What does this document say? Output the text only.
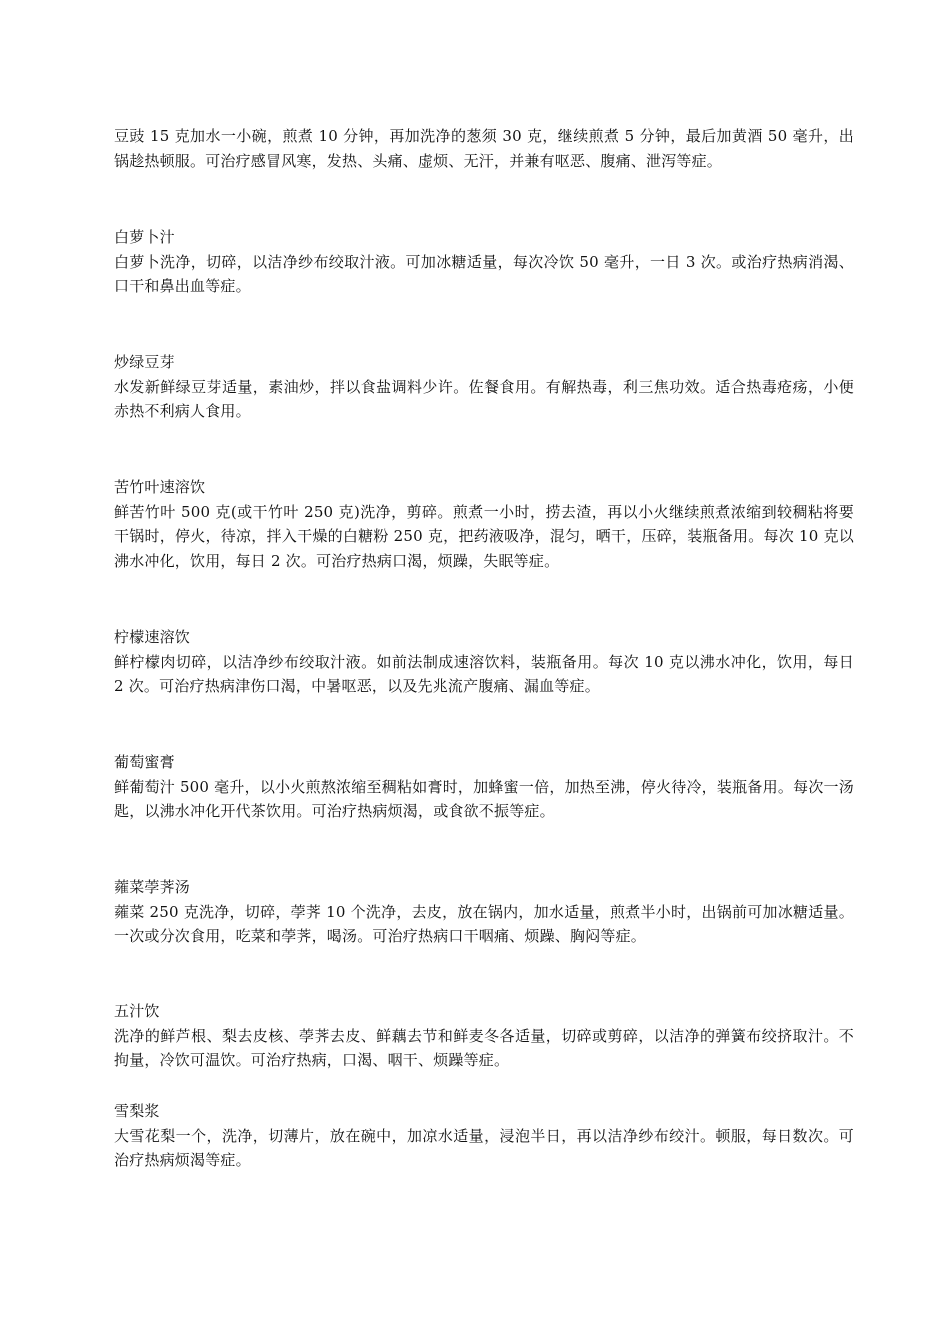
豆豉 15 克加水一小碗，煎煮 10 分钟，再加洗净的葱须 30 克，继续煎煮 5 分钟，最后加黄酒 50 毫升，出锅趁热顿服。可治疗感冒风寒，发热、头痛、虚烦、无汗，并兼有呕恶、腹痛、泄泻等症。

白萝卜汁

白萝卜洗净，切碎，以洁净纱布绞取汁液。可加冰糖适量，每次冷饮 50 毫升，一日 3 次。或治疗热病消渴、口干和鼻出血等症。

炒绿豆芽

水发新鲜绿豆芽适量，素油炒，拌以食盐调料少许。佐餐食用。有解热毒，利三焦功效。适合热毒疮疡，小便赤热不利病人食用。

苦竹叶速溶饮

鲜苦竹叶 500 克(或干竹叶 250 克)洗净，剪碎。煎煮一小时，捞去渣，再以小火继续煎煮浓缩到较稠粘将要干锅时，停火，待凉，拌入干燥的白糖粉 250 克，把药液吸净，混匀，晒干，压碎，装瓶备用。每次 10 克以沸水冲化，饮用，每日 2 次。可治疗热病口渴，烦躁，失眠等症。

柠檬速溶饮

鲜柠檬肉切碎，以洁净纱布绞取汁液。如前法制成速溶饮料，装瓶备用。每次 10 克以沸水冲化，饮用，每日 2 次。可治疗热病津伤口渴，中暑呕恶，以及先兆流产腹痛、漏血等症。

葡萄蜜膏

鲜葡萄汁 500 毫升，以小火煎熬浓缩至稠粘如膏时，加蜂蜜一倍，加热至沸，停火待冷，装瓶备用。每次一汤匙，以沸水冲化开代茶饮用。可治疗热病烦渴，或食欲不振等症。

蕹菜荸荠汤

蕹菜 250 克洗净，切碎，荸荠 10 个洗净，去皮，放在锅内，加水适量，煎煮半小时，出锅前可加冰糖适量。一次或分次食用，吃菜和荸荠，喝汤。可治疗热病口干咽痛、烦躁、胸闷等症。

五汁饮

洗净的鲜芦根、梨去皮核、荸荠去皮、鲜藕去节和鲜麦冬各适量，切碎或剪碎，以洁净的弹簧布绞挤取汁。不拘量，冷饮可温饮。可治疗热病，口渴、咽干、烦躁等症。

雪梨浆

大雪花梨一个，洗净，切薄片，放在碗中，加凉水适量，浸泡半日，再以洁净纱布绞汁。顿服，每日数次。可治疗热病烦渴等症。
